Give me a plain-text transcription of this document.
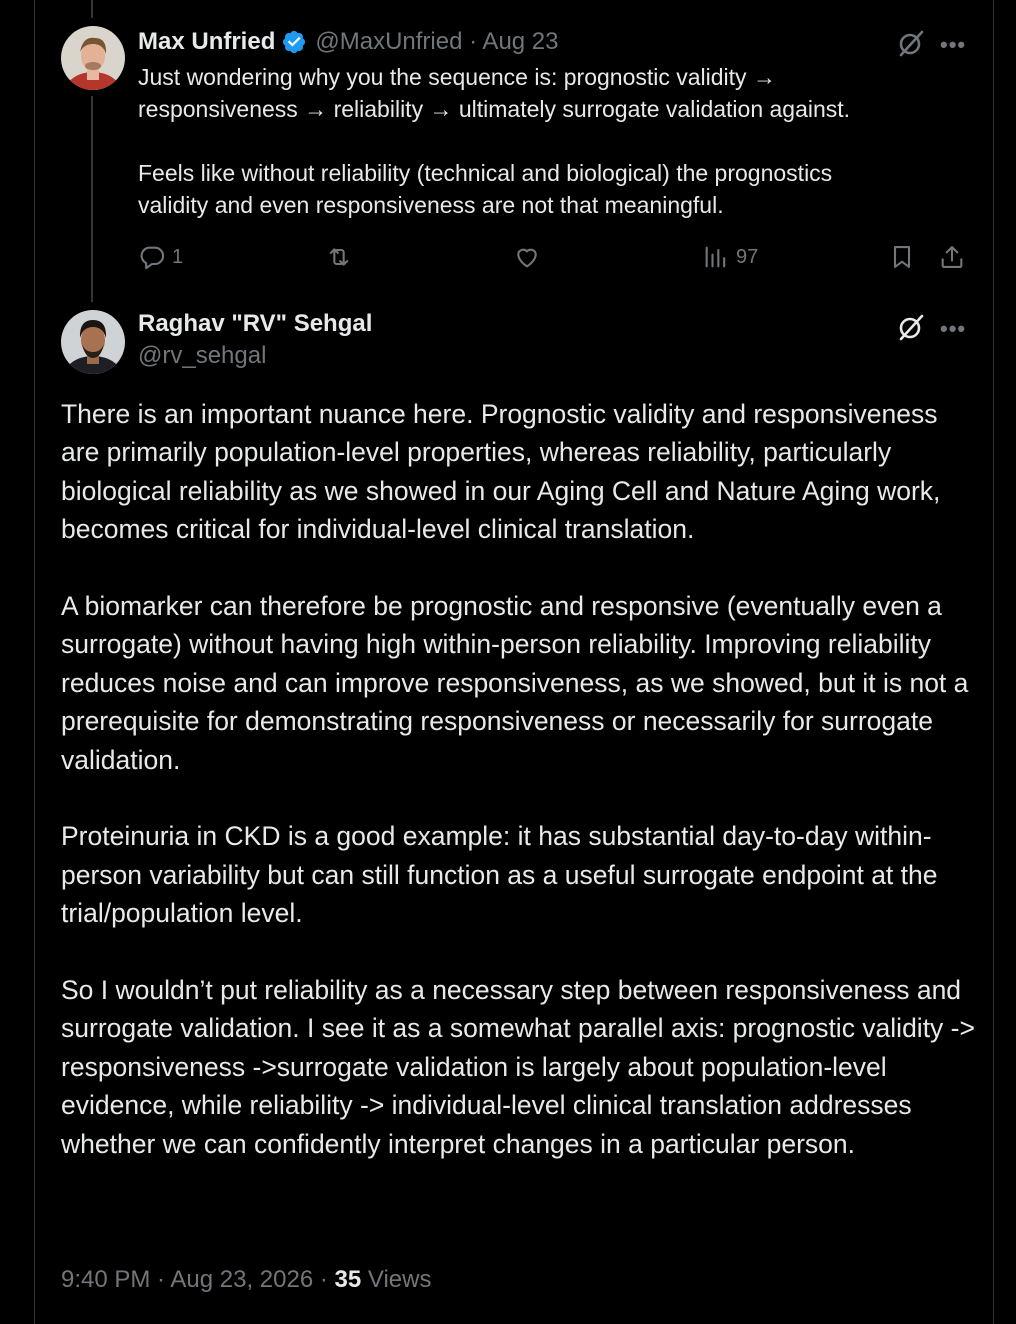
Max Unfried @MaxUnfried · Aug 23	•••
Just wondering why you the sequence is: prognostic validity →
responsiveness → reliability → ultimately surrogate validation against.

Feels like without reliability (technical and biological) the prognostics
validity and even responsiveness are not that meaningful.
1	97
Raghav "RV" Sehgal
@rv_sehgal
•••

There is an important nuance here. Prognostic validity and responsiveness are primarily population-level properties, whereas reliability, particularly biological reliability as we showed in our Aging Cell and Nature Aging work, becomes critical for individual-level clinical translation.

A biomarker can therefore be prognostic and responsive (eventually even a surrogate) without having high within-person reliability. Improving reliability reduces noise and can improve responsiveness, as we showed, but it is not a prerequisite for demonstrating responsiveness or necessarily for surrogate validation.

Proteinuria in CKD is a good example: it has substantial day-to-day within-person variability but can still function as a useful surrogate endpoint at the trial/population level.

So I wouldn’t put reliability as a necessary step between responsiveness and surrogate validation. I see it as a somewhat parallel axis: prognostic validity -> responsiveness ->surrogate validation is largely about population-level evidence, while reliability -> individual-level clinical translation addresses whether we can confidently interpret changes in a particular person.

9:40 PM · Aug 23, 2026 · 35 Views
